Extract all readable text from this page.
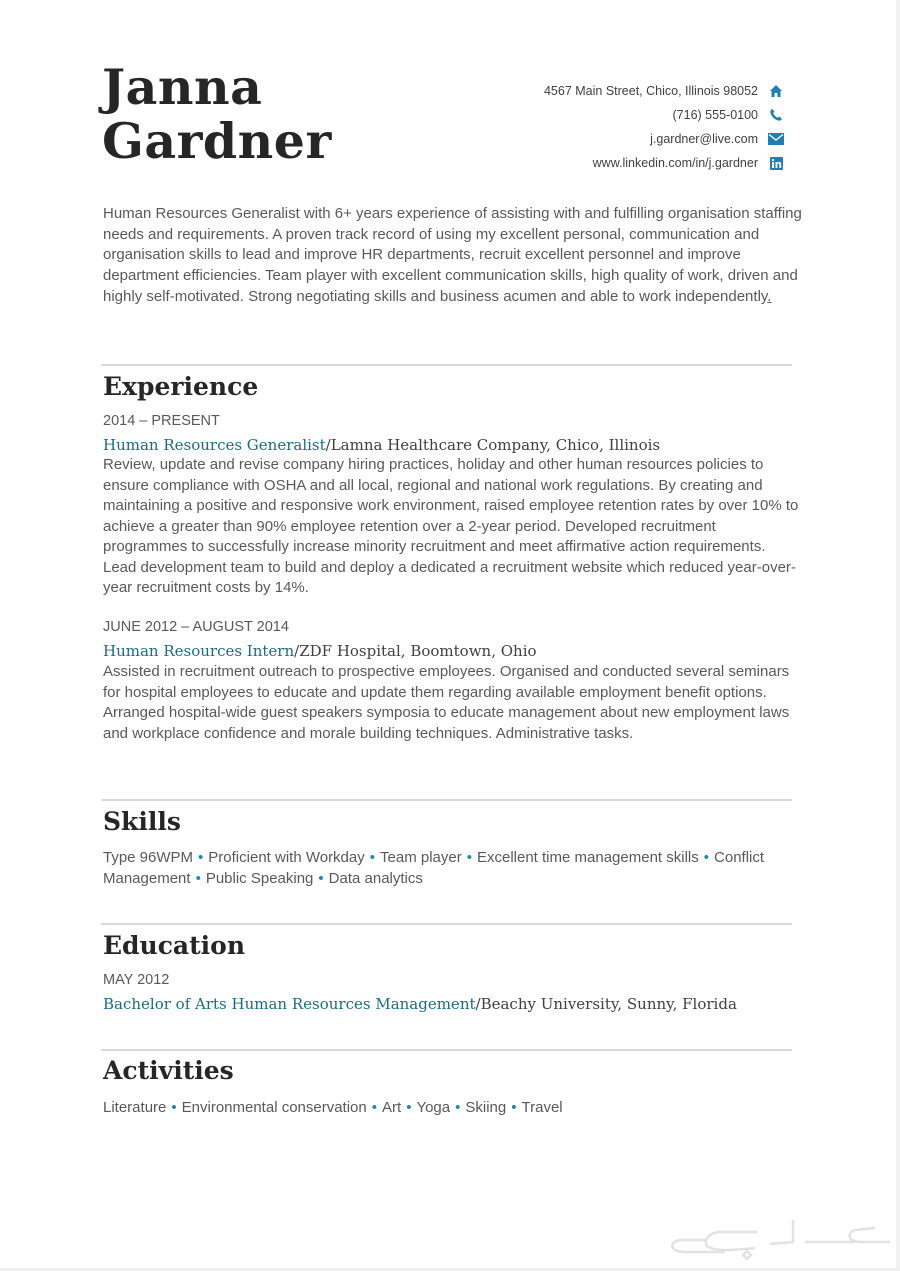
Janna
Gardner
4567 Main Street, Chico, Illinois 98052
(716) 555-0100
j.gardner@live.com
www.linkedin.com/in/j.gardner
Human Resources Generalist with 6+ years experience of assisting with and fulfilling organisation staffing needs and requirements. A proven track record of using my excellent personal, communication and organisation skills to lead and improve HR departments, recruit excellent personnel and improve department efficiencies. Team player with excellent communication skills, high quality of work, driven and highly self-motivated. Strong negotiating skills and business acumen and able to work independently.
Experience
2014 – PRESENT
Human Resources Generalist/Lamna Healthcare Company, Chico, Illinois
Review, update and revise company hiring practices, holiday and other human resources policies to ensure compliance with OSHA and all local, regional and national work regulations. By creating and maintaining a positive and responsive work environment, raised employee retention rates by over 10% to achieve a greater than 90% employee retention over a 2-year period. Developed recruitment programmes to successfully increase minority recruitment and meet affirmative action requirements. Lead development team to build and deploy a dedicated a recruitment website which reduced year-over-year recruitment costs by 14%.
JUNE 2012 – AUGUST 2014
Human Resources Intern/ZDF Hospital, Boomtown, Ohio
Assisted in recruitment outreach to prospective employees. Organised and conducted several seminars for hospital employees to educate and update them regarding available employment benefit options. Arranged hospital-wide guest speakers symposia to educate management about new employment laws and workplace confidence and morale building techniques. Administrative tasks.
Skills
Type 96WPM • Proficient with Workday • Team player • Excellent time management skills • Conflict Management • Public Speaking • Data analytics
Education
MAY 2012
Bachelor of Arts Human Resources Management/Beachy University, Sunny, Florida
Activities
Literature • Environmental conservation • Art • Yoga • Skiing • Travel
